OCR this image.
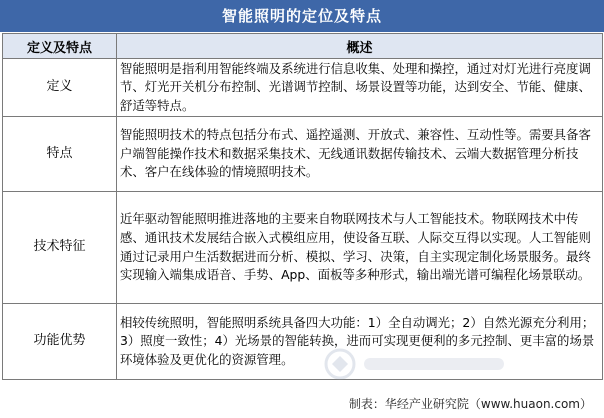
智能照明的定位及特点
定义及特点	概述
定义	智能照明是指利用智能终端及系统进行信息收集、处理和操控，通过对灯光进行亮度调节、灯光开关机分布控制、光谱调节控制、场景设置等功能，达到安全、节能、健康、舒适等特点。
特点	智能照明技术的特点包括分布式、遥控遥测、开放式、兼容性、互动性等。需要具备客户端智能操作技术和数据采集技术、无线通讯数据传输技术、云端大数据管理分析技术、客户在线体验的情境照明技术。
技术特征	近年驱动智能照明推进落地的主要来自物联网技术与人工智能技术。物联网技术中传感、通讯技术发展结合嵌入式模组应用，使设备互联、人际交互得以实现。人工智能则通过记录用户生活数据进而分析、模拟、学习、决策，自主实现定制化场景服务。最终实现输入端集成语音、手势、App、面板等多种形式，输出端光谱可编程化场景联动。
功能优势	相较传统照明，智能照明系统具备四大功能：1）全自动调光；2）自然光源充分利用；3）照度一致性；4）光场景的智能转换，进而可实现更便利的多元控制、更丰富的场景环境体验及更优化的资源管理。
制表：华经产业研究院（www.huaon.com）
